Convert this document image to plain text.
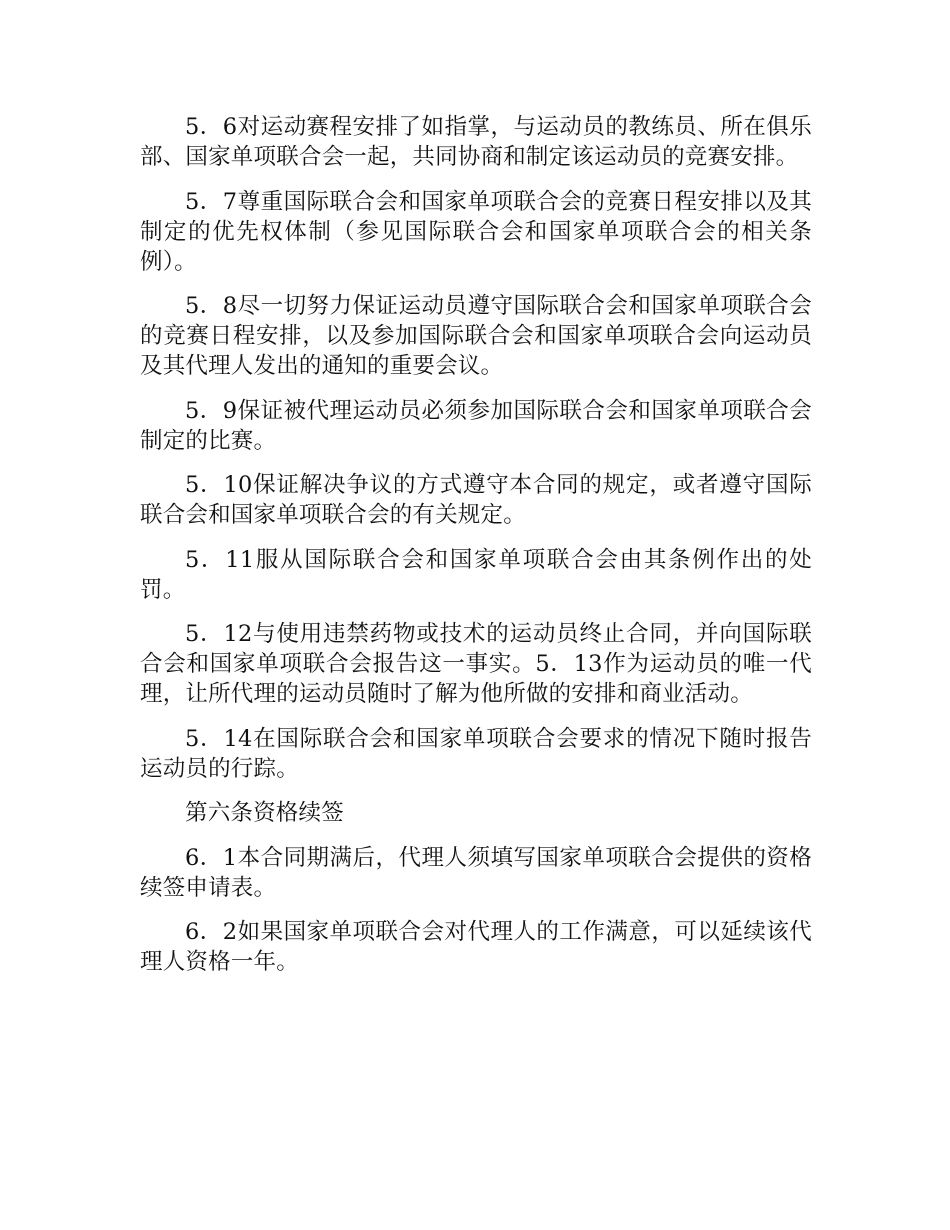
5．6对运动赛程安排了如指掌，与运动员的教练员、所在俱乐部、国家单项联合会一起，共同协商和制定该运动员的竞赛安排。

5．7尊重国际联合会和国家单项联合会的竞赛日程安排以及其制定的优先权体制（参见国际联合会和国家单项联合会的相关条例）。

5．8尽一切努力保证运动员遵守国际联合会和国家单项联合会的竞赛日程安排，以及参加国际联合会和国家单项联合会向运动员及其代理人发出的通知的重要会议。

5．9保证被代理运动员必须参加国际联合会和国家单项联合会制定的比赛。

5．10保证解决争议的方式遵守本合同的规定，或者遵守国际联合会和国家单项联合会的有关规定。

5．11服从国际联合会和国家单项联合会由其条例作出的处罚。

5．12与使用违禁药物或技术的运动员终止合同，并向国际联合会和国家单项联合会报告这一事实。5．13作为运动员的唯一代理，让所代理的运动员随时了解为他所做的安排和商业活动。

5．14在国际联合会和国家单项联合会要求的情况下随时报告运动员的行踪。

第六条资格续签

6．1本合同期满后，代理人须填写国家单项联合会提供的资格续签申请表。

6．2如果国家单项联合会对代理人的工作满意，可以延续该代理人资格一年。
